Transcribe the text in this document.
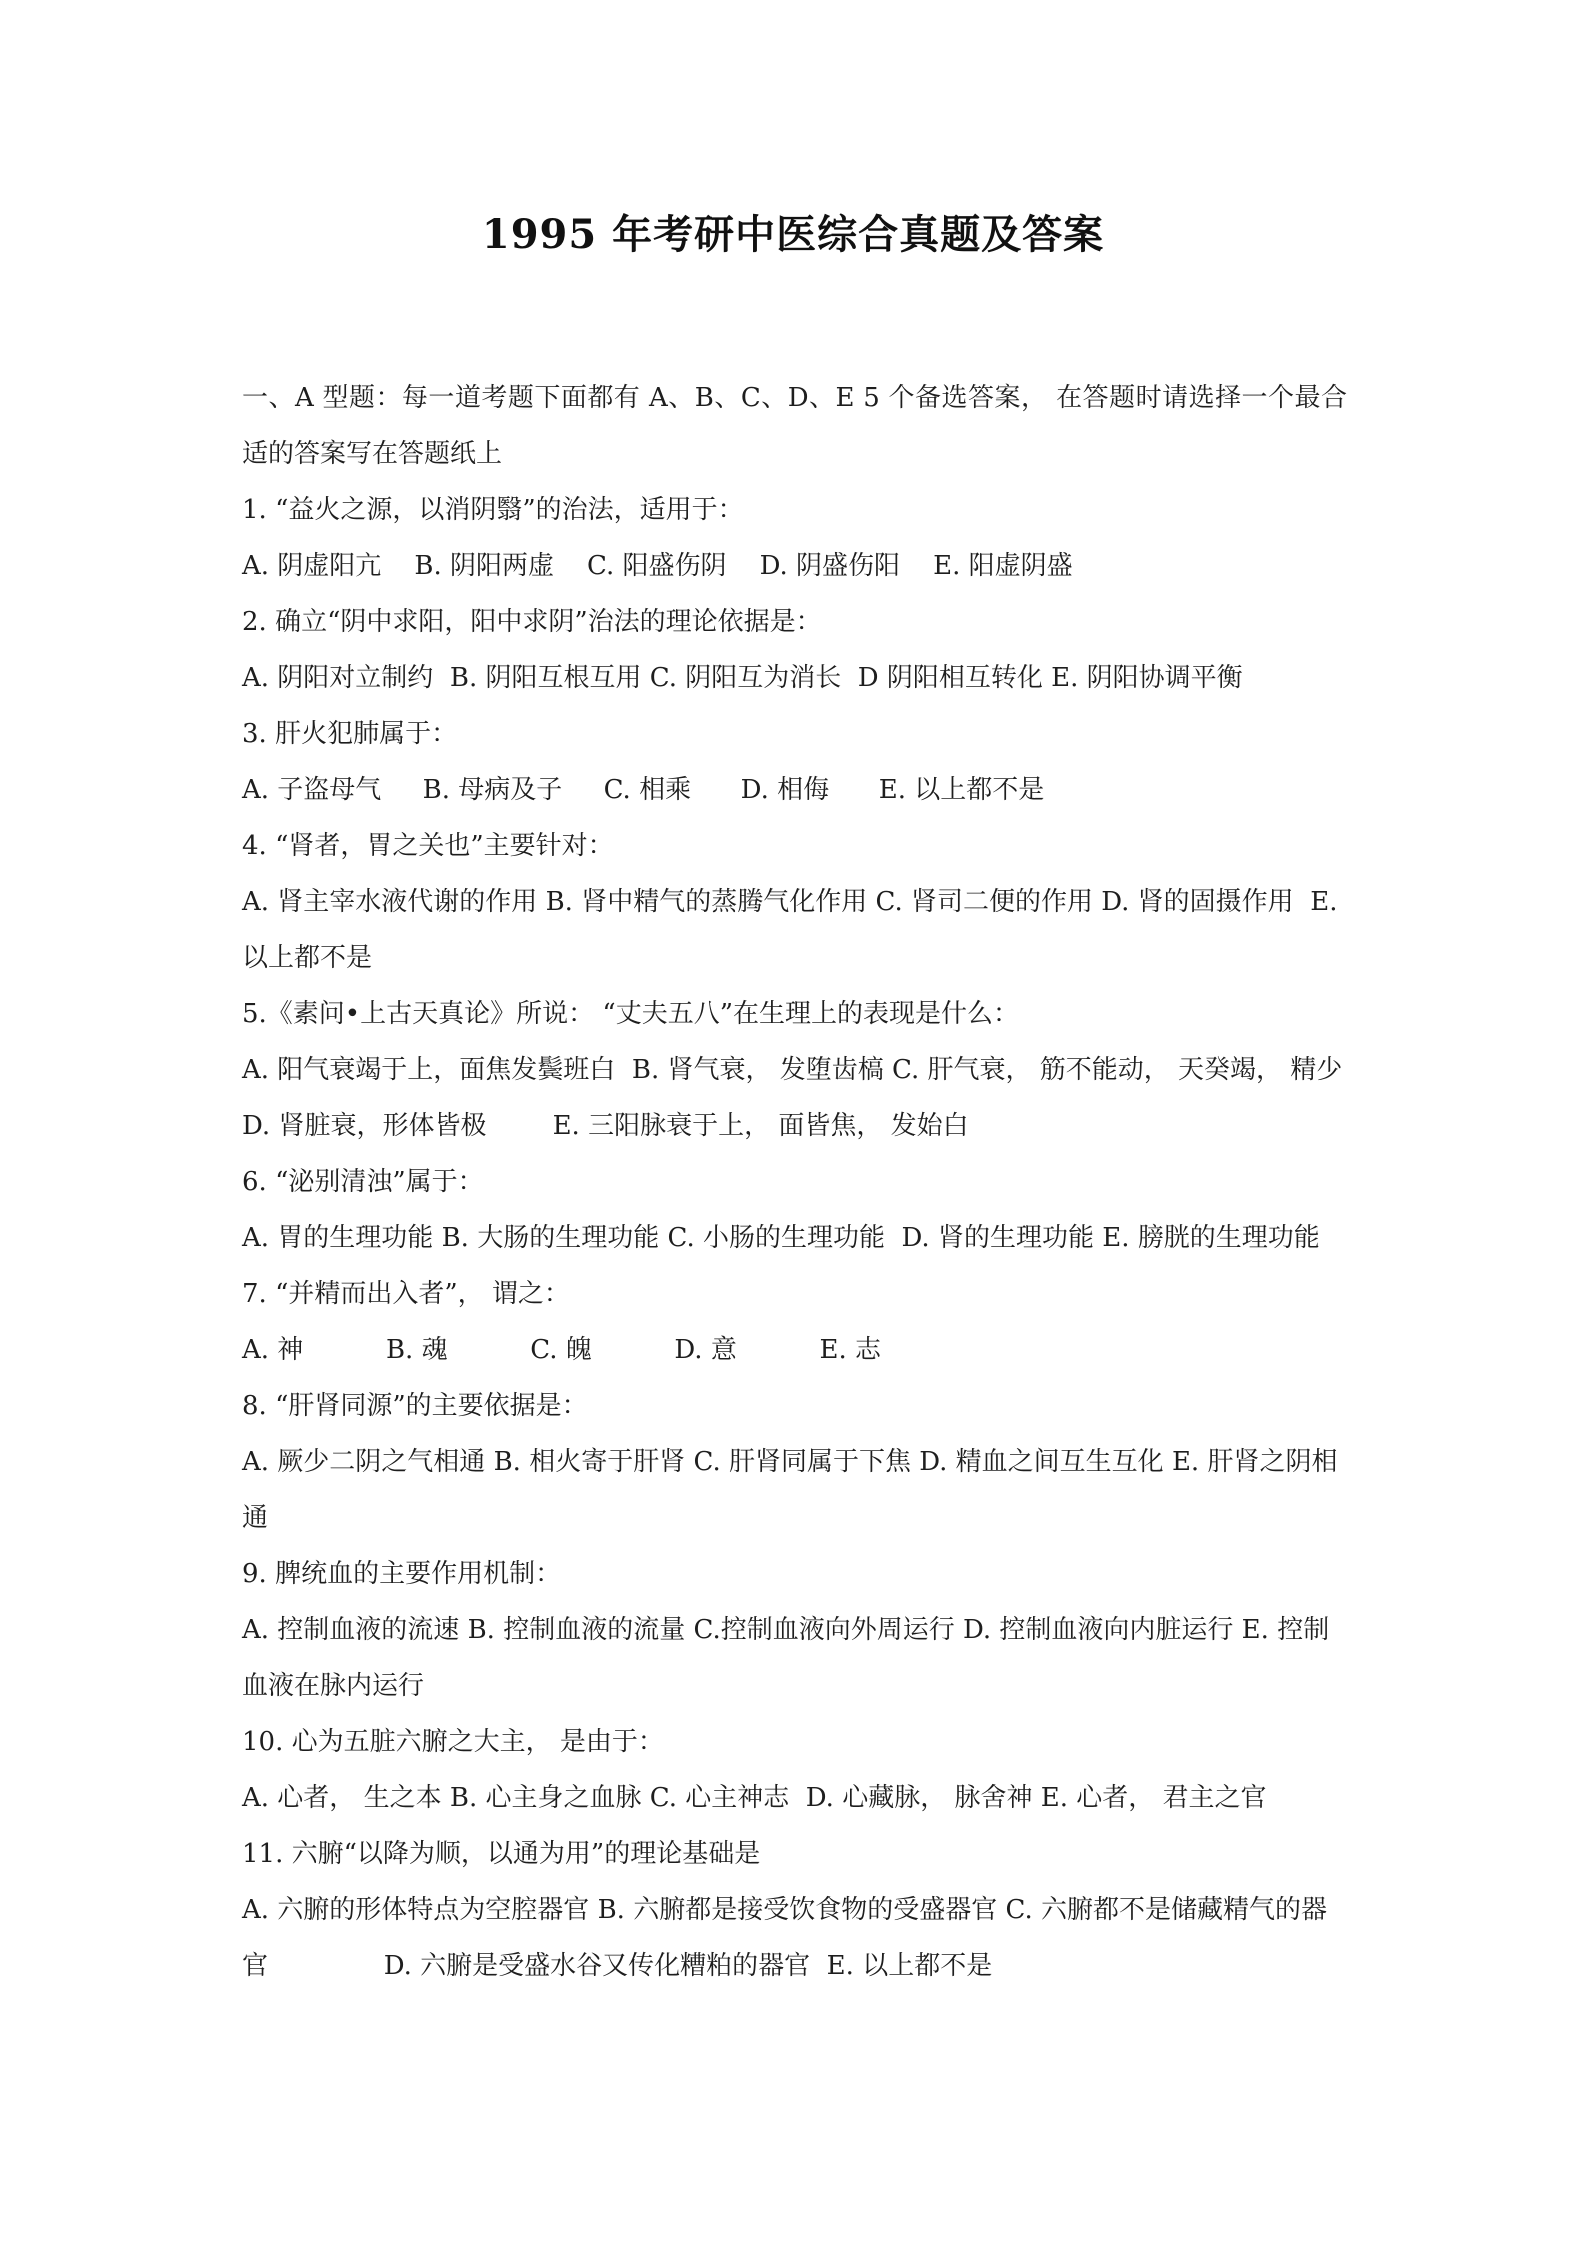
1995 年考研中医综合真题及答案

一、A 型题：每一道考题下面都有 A、B、C、D、E 5 个备选答案， 在答题时请选择一个最合适的答案写在答题纸上

1. “益火之源，以消阴翳”的治法，适用于：

A. 阴虚阳亢    B. 阴阳两虚    C. 阳盛伤阴    D. 阴盛伤阳    E. 阳虚阴盛

2. 确立“阴中求阳，阳中求阴”治法的理论依据是：

A. 阴阳对立制约  B. 阴阳互根互用 C. 阴阳互为消长  D 阴阳相互转化 E. 阴阳协调平衡

3. 肝火犯肺属于：

A. 子盗母气     B. 母病及子     C. 相乘      D. 相侮      E. 以上都不是

4. “肾者，胃之关也”主要针对：

A. 肾主宰水液代谢的作用 B. 肾中精气的蒸腾气化作用 C. 肾司二便的作用 D. 肾的固摄作用  E. 以上都不是

5.《素问•上古天真论》所说： “丈夫五八”在生理上的表现是什么：

A. 阳气衰竭于上，面焦发鬓班白  B. 肾气衰， 发堕齿槁 C. 肝气衰， 筋不能动， 天癸竭， 精少

D. 肾脏衰，形体皆极        E. 三阳脉衰于上， 面皆焦， 发始白

6. “泌别清浊”属于：

A. 胃的生理功能 B. 大肠的生理功能 C. 小肠的生理功能  D. 肾的生理功能 E. 膀胱的生理功能

7. “并精而出入者”， 谓之：

A. 神          B. 魂          C. 魄          D. 意          E. 志

8. “肝肾同源”的主要依据是：

A. 厥少二阴之气相通 B. 相火寄于肝肾 C. 肝肾同属于下焦 D. 精血之间互生互化 E. 肝肾之阴相通

9. 脾统血的主要作用机制：

A. 控制血液的流速 B. 控制血液的流量 C.控制血液向外周运行 D. 控制血液向内脏运行 E. 控制血液在脉内运行

10. 心为五脏六腑之大主， 是由于：

A. 心者， 生之本 B. 心主身之血脉 C. 心主神志  D. 心藏脉， 脉舍神 E. 心者， 君主之官

11. 六腑“以降为顺，以通为用”的理论基础是

A. 六腑的形体特点为空腔器官 B. 六腑都是接受饮食物的受盛器官 C. 六腑都不是储藏精气的器官              D. 六腑是受盛水谷又传化糟粕的器官  E. 以上都不是
